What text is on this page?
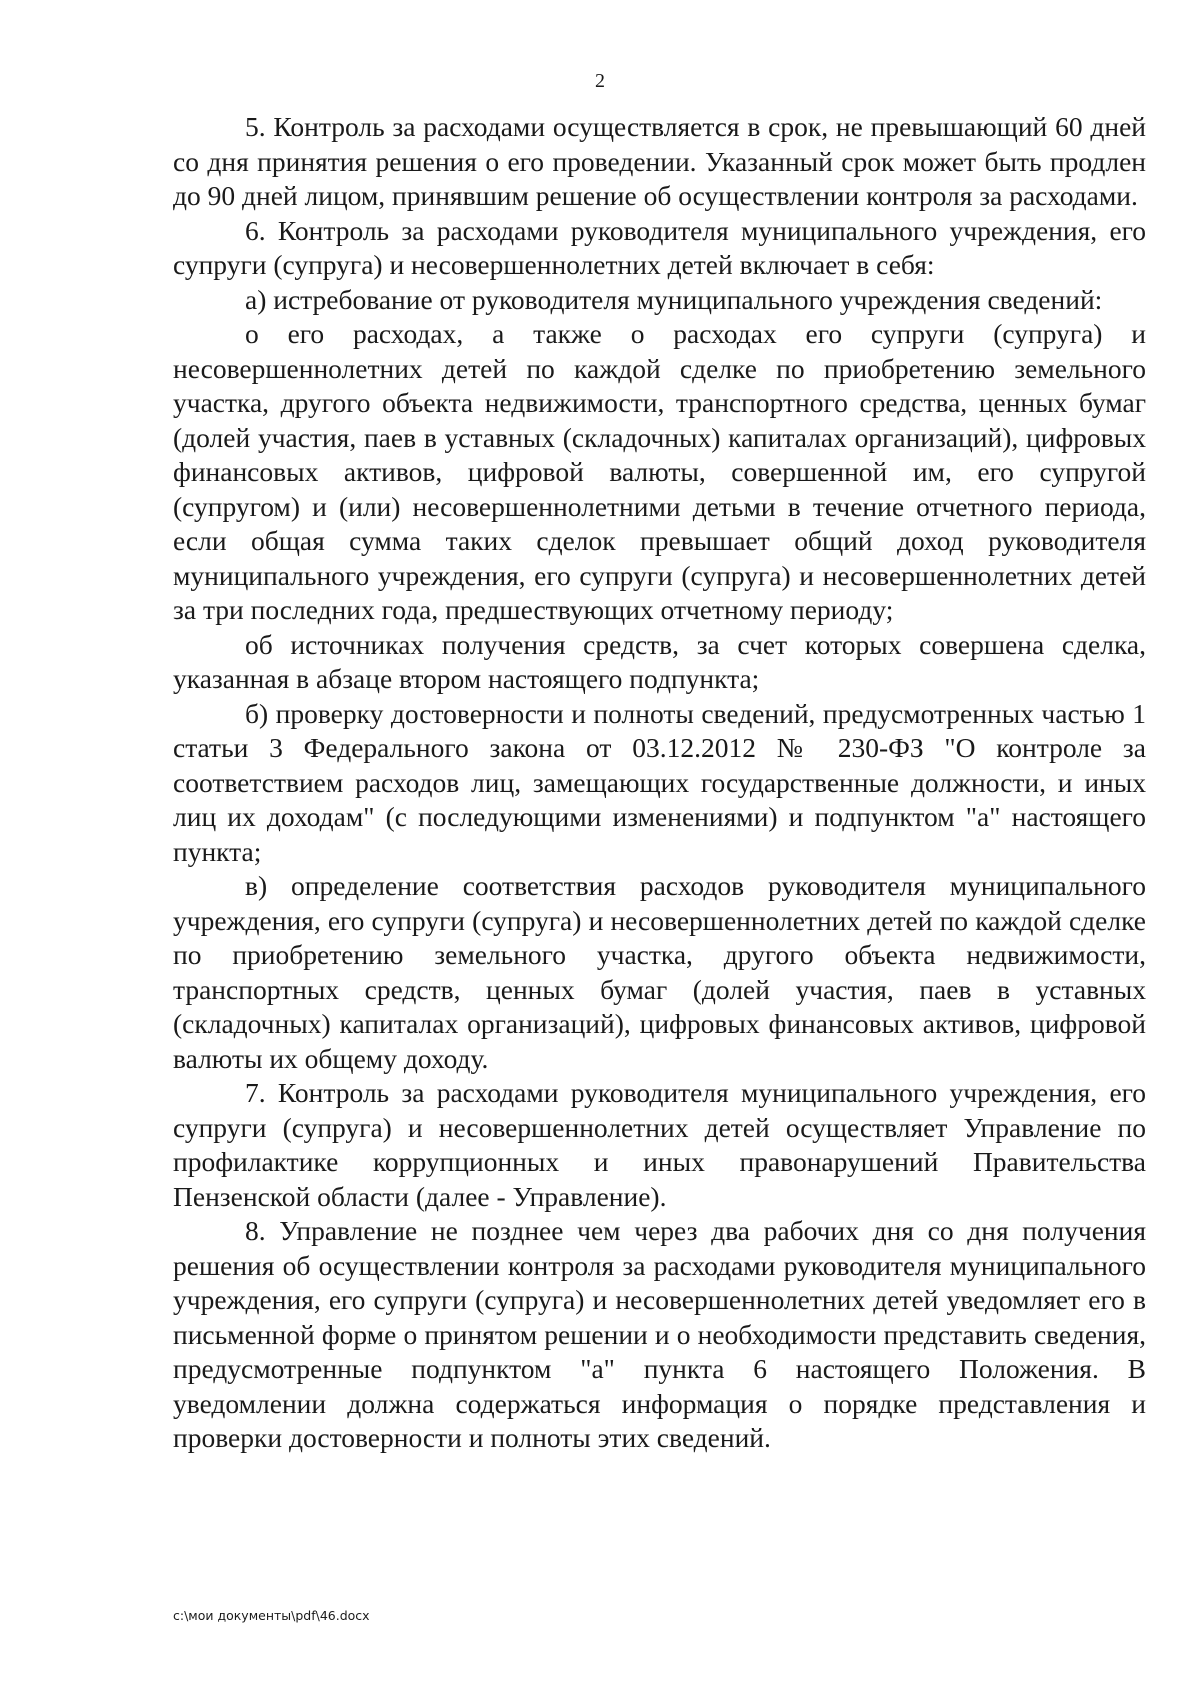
2

5. Контроль за расходами осуществляется в срок, не превышающий 60 дней со дня принятия решения о его проведении. Указанный срок может быть продлен до 90 дней лицом, принявшим решение об осуществлении контроля за расходами.

6. Контроль за расходами руководителя муниципального учреждения, его супруги (супруга) и несовершеннолетних детей включает в себя:

а) истребование от руководителя муниципального учреждения сведений:

о его расходах, а также о расходах его супруги (супруга) и несовершеннолетних детей по каждой сделке по приобретению земельного участка, другого объекта недвижимости, транспортного средства, ценных бумаг (долей участия, паев в уставных (складочных) капиталах организаций), цифровых финансовых активов, цифровой валюты, совершенной им, его супругой (супругом) и (или) несовершеннолетними детьми в течение отчетного периода, если общая сумма таких сделок превышает общий доход руководителя муниципального учреждения, его супруги (супруга) и несовершеннолетних детей за три последних года, предшествующих отчетному периоду;

об источниках получения средств, за счет которых совершена сделка, указанная в абзаце втором настоящего подпункта;

б) проверку достоверности и полноты сведений, предусмотренных частью 1 статьи 3 Федерального закона от 03.12.2012 № 230-ФЗ "О контроле за соответствием расходов лиц, замещающих государственные должности, и иных лиц их доходам" (с последующими изменениями) и подпунктом "а" настоящего пункта;

в) определение соответствия расходов руководителя муниципального учреждения, его супруги (супруга) и несовершеннолетних детей по каждой сделке по приобретению земельного участка, другого объекта недвижимости, транспортных средств, ценных бумаг (долей участия, паев в уставных (складочных) капиталах организаций), цифровых финансовых активов, цифровой валюты их общему доходу.

7. Контроль за расходами руководителя муниципального учреждения, его супруги (супруга) и несовершеннолетних детей осуществляет Управление по профилактике коррупционных и иных правонарушений Правительства Пензенской области (далее - Управление).

8. Управление не позднее чем через два рабочих дня со дня получения решения об осуществлении контроля за расходами руководителя муниципального учреждения, его супруги (супруга) и несовершеннолетних детей уведомляет его в письменной форме о принятом решении и о необходимости представить сведения, предусмотренные подпунктом "а" пункта 6 настоящего Положения. В уведомлении должна содержаться информация о порядке представления и проверки достоверности и полноты этих сведений.

c:\мои документы\pdf\46.docx
